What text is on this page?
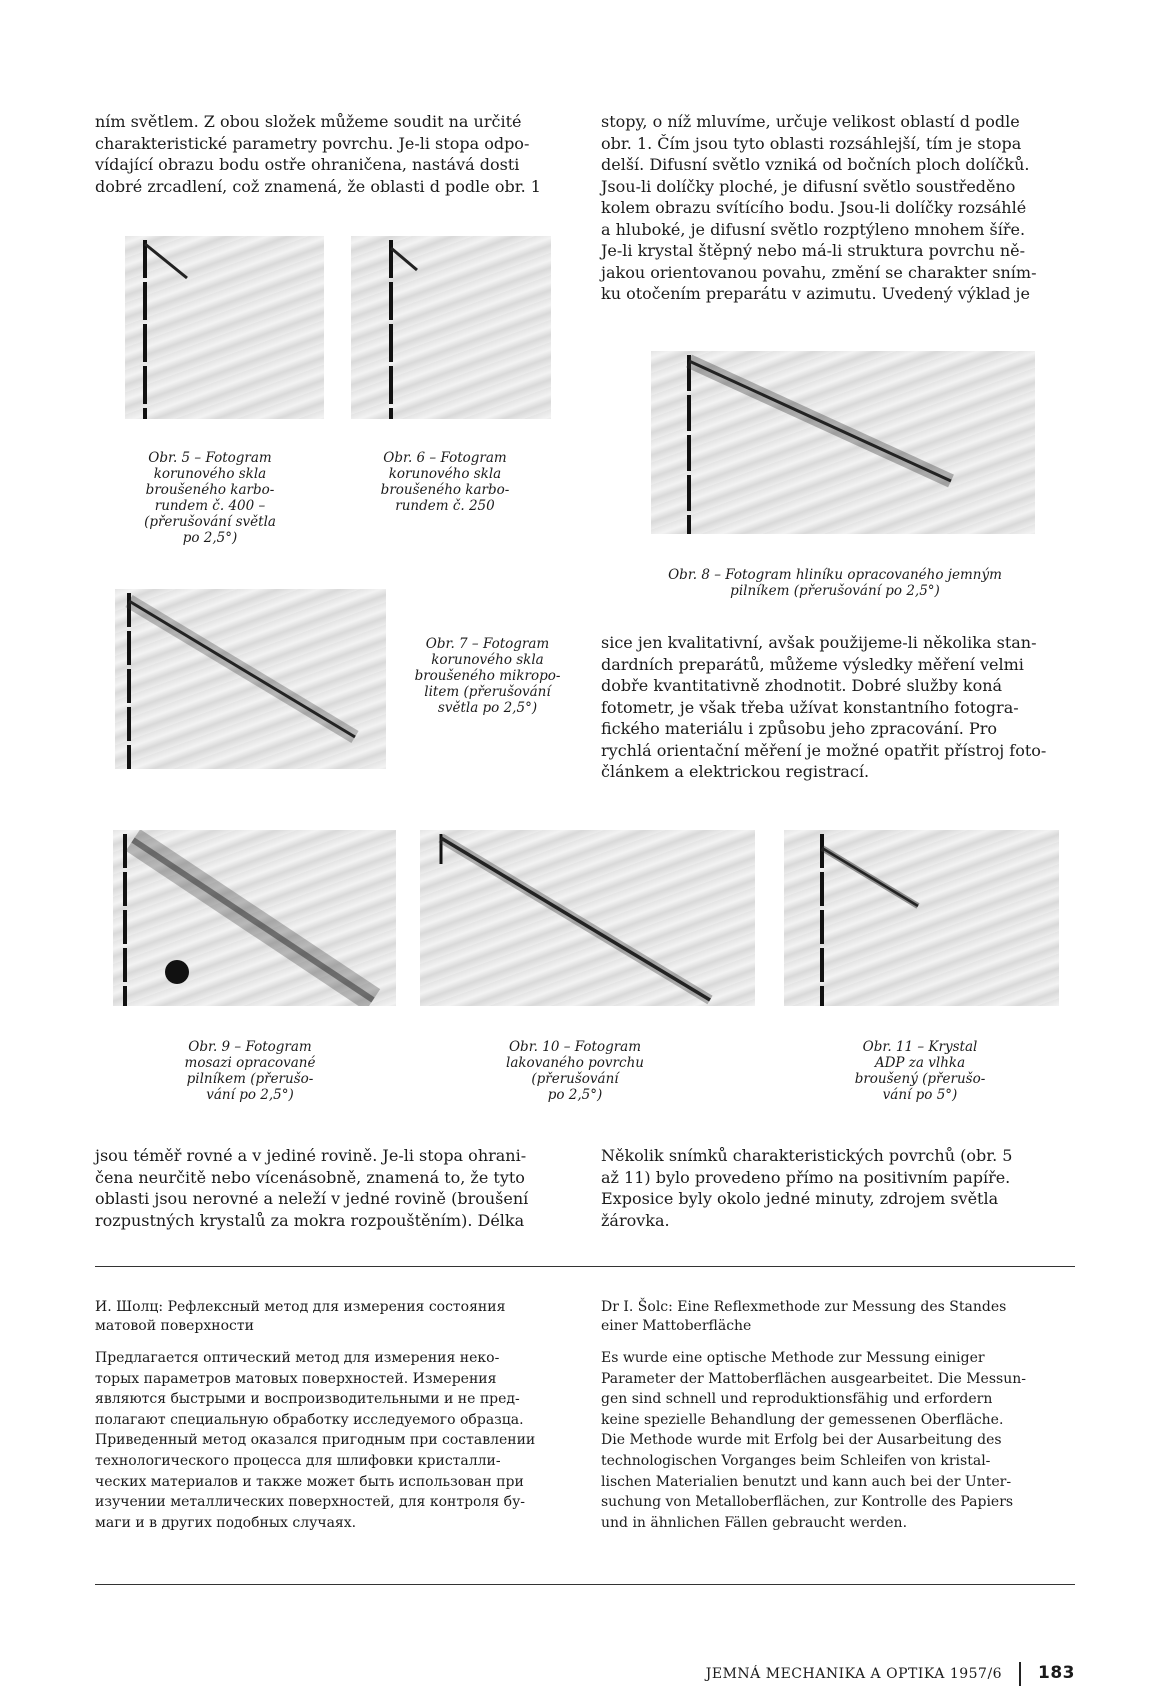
ním světlem. Z obou složek můžeme soudit na určité
charakteristické parametry povrchu. Je-li stopa odpo-
vídající obrazu bodu ostře ohraničena, nastává dosti
dobré zrcadlení, což znamená, že oblasti d podle obr. 1
stopy, o níž mluvíme, určuje velikost oblastí d podle
obr. 1. Čím jsou tyto oblasti rozsáhlejší, tím je stopa
delší. Difusní světlo vzniká od bočních ploch dolíčků.
Jsou-li dolíčky ploché, je difusní světlo soustředěno
kolem obrazu svítícího bodu. Jsou-li dolíčky rozsáhlé
a hluboké, je difusní světlo rozptýleno mnohem šíře.
Je-li krystal štěpný nebo má-li struktura povrchu ně-
jakou orientovanou povahu, změní se charakter sním-
ku otočením preparátu v azimutu. Uvedený výklad je
Obr. 5 – Fotogram
korunového skla
broušeného karbo-
rundem č. 400 –
(přerušování světla
po 2,5°)
Obr. 6 – Fotogram
korunového skla
broušeného karbo-
rundem č. 250
Obr. 8 – Fotogram hliníku opracovaného jemným
pilníkem (přerušování po 2,5°)
Obr. 7 – Fotogram
korunového skla
broušeného mikropo-
litem (přerušování
světla po 2,5°)
sice jen kvalitativní, avšak použijeme-li několika stan-
dardních preparátů, můžeme výsledky měření velmi
dobře kvantitativně zhodnotit. Dobré služby koná
fotometr, je však třeba užívat konstantního fotogra-
fického materiálu i způsobu jeho zpracování. Pro
rychlá orientační měření je možné opatřit přístroj foto-
článkem a elektrickou registrací.
Obr. 9 – Fotogram
mosazi opracované
pilníkem (přerušo-
vání po 2,5°)
Obr. 10 – Fotogram
lakovaného povrchu
(přerušování
po 2,5°)
Obr. 11 – Krystal
ADP za vlhka
broušený (přerušo-
vání po 5°)
jsou téměř rovné a v jediné rovině. Je-li stopa ohrani-
čena neurčitě nebo vícenásobně, znamená to, že tyto
oblasti jsou nerovné a neleží v jedné rovině (broušení
rozpustných krystalů za mokra rozpouštěním). Délka
Několik snímků charakteristických povrchů (obr. 5
až 11) bylo provedeno přímo na positivním papíře.
Exposice byly okolo jedné minuty, zdrojem světla
žárovka.
И. Шолц: Рефлексный метод для измерения состояния
матовой поверхности
Предлагается оптический метод для измерения неко-
торых параметров матовых поверхностей. Измерения
являются быстрыми и воспроизводительными и не пред-
полагают специальную обработку исследуемого образца.
Приведенный метод оказался пригодным при составлении
технологического процесса для шлифовки кристалли-
ческих материалов и также может быть использован при
изучении металлических поверхностей, для контроля бу-
маги и в других подобных случаях.
Dr I. Šolc: Eine Reflexmethode zur Messung des Standes
einer Mattoberfläche
Es wurde eine optische Methode zur Messung einiger
Parameter der Mattoberflächen ausgearbeitet. Die Messun-
gen sind schnell und reproduktionsfähig und erfordern
keine spezielle Behandlung der gemessenen Oberfläche.
Die Methode wurde mit Erfolg bei der Ausarbeitung des
technologischen Vorganges beim Schleifen von kristal-
lischen Materialien benutzt und kann auch bei der Unter-
suchung von Metalloberflächen, zur Kontrolle des Papiers
und in ähnlichen Fällen gebraucht werden.
JEMNÁ MECHANIKA A OPTIKA 1957/6 183
